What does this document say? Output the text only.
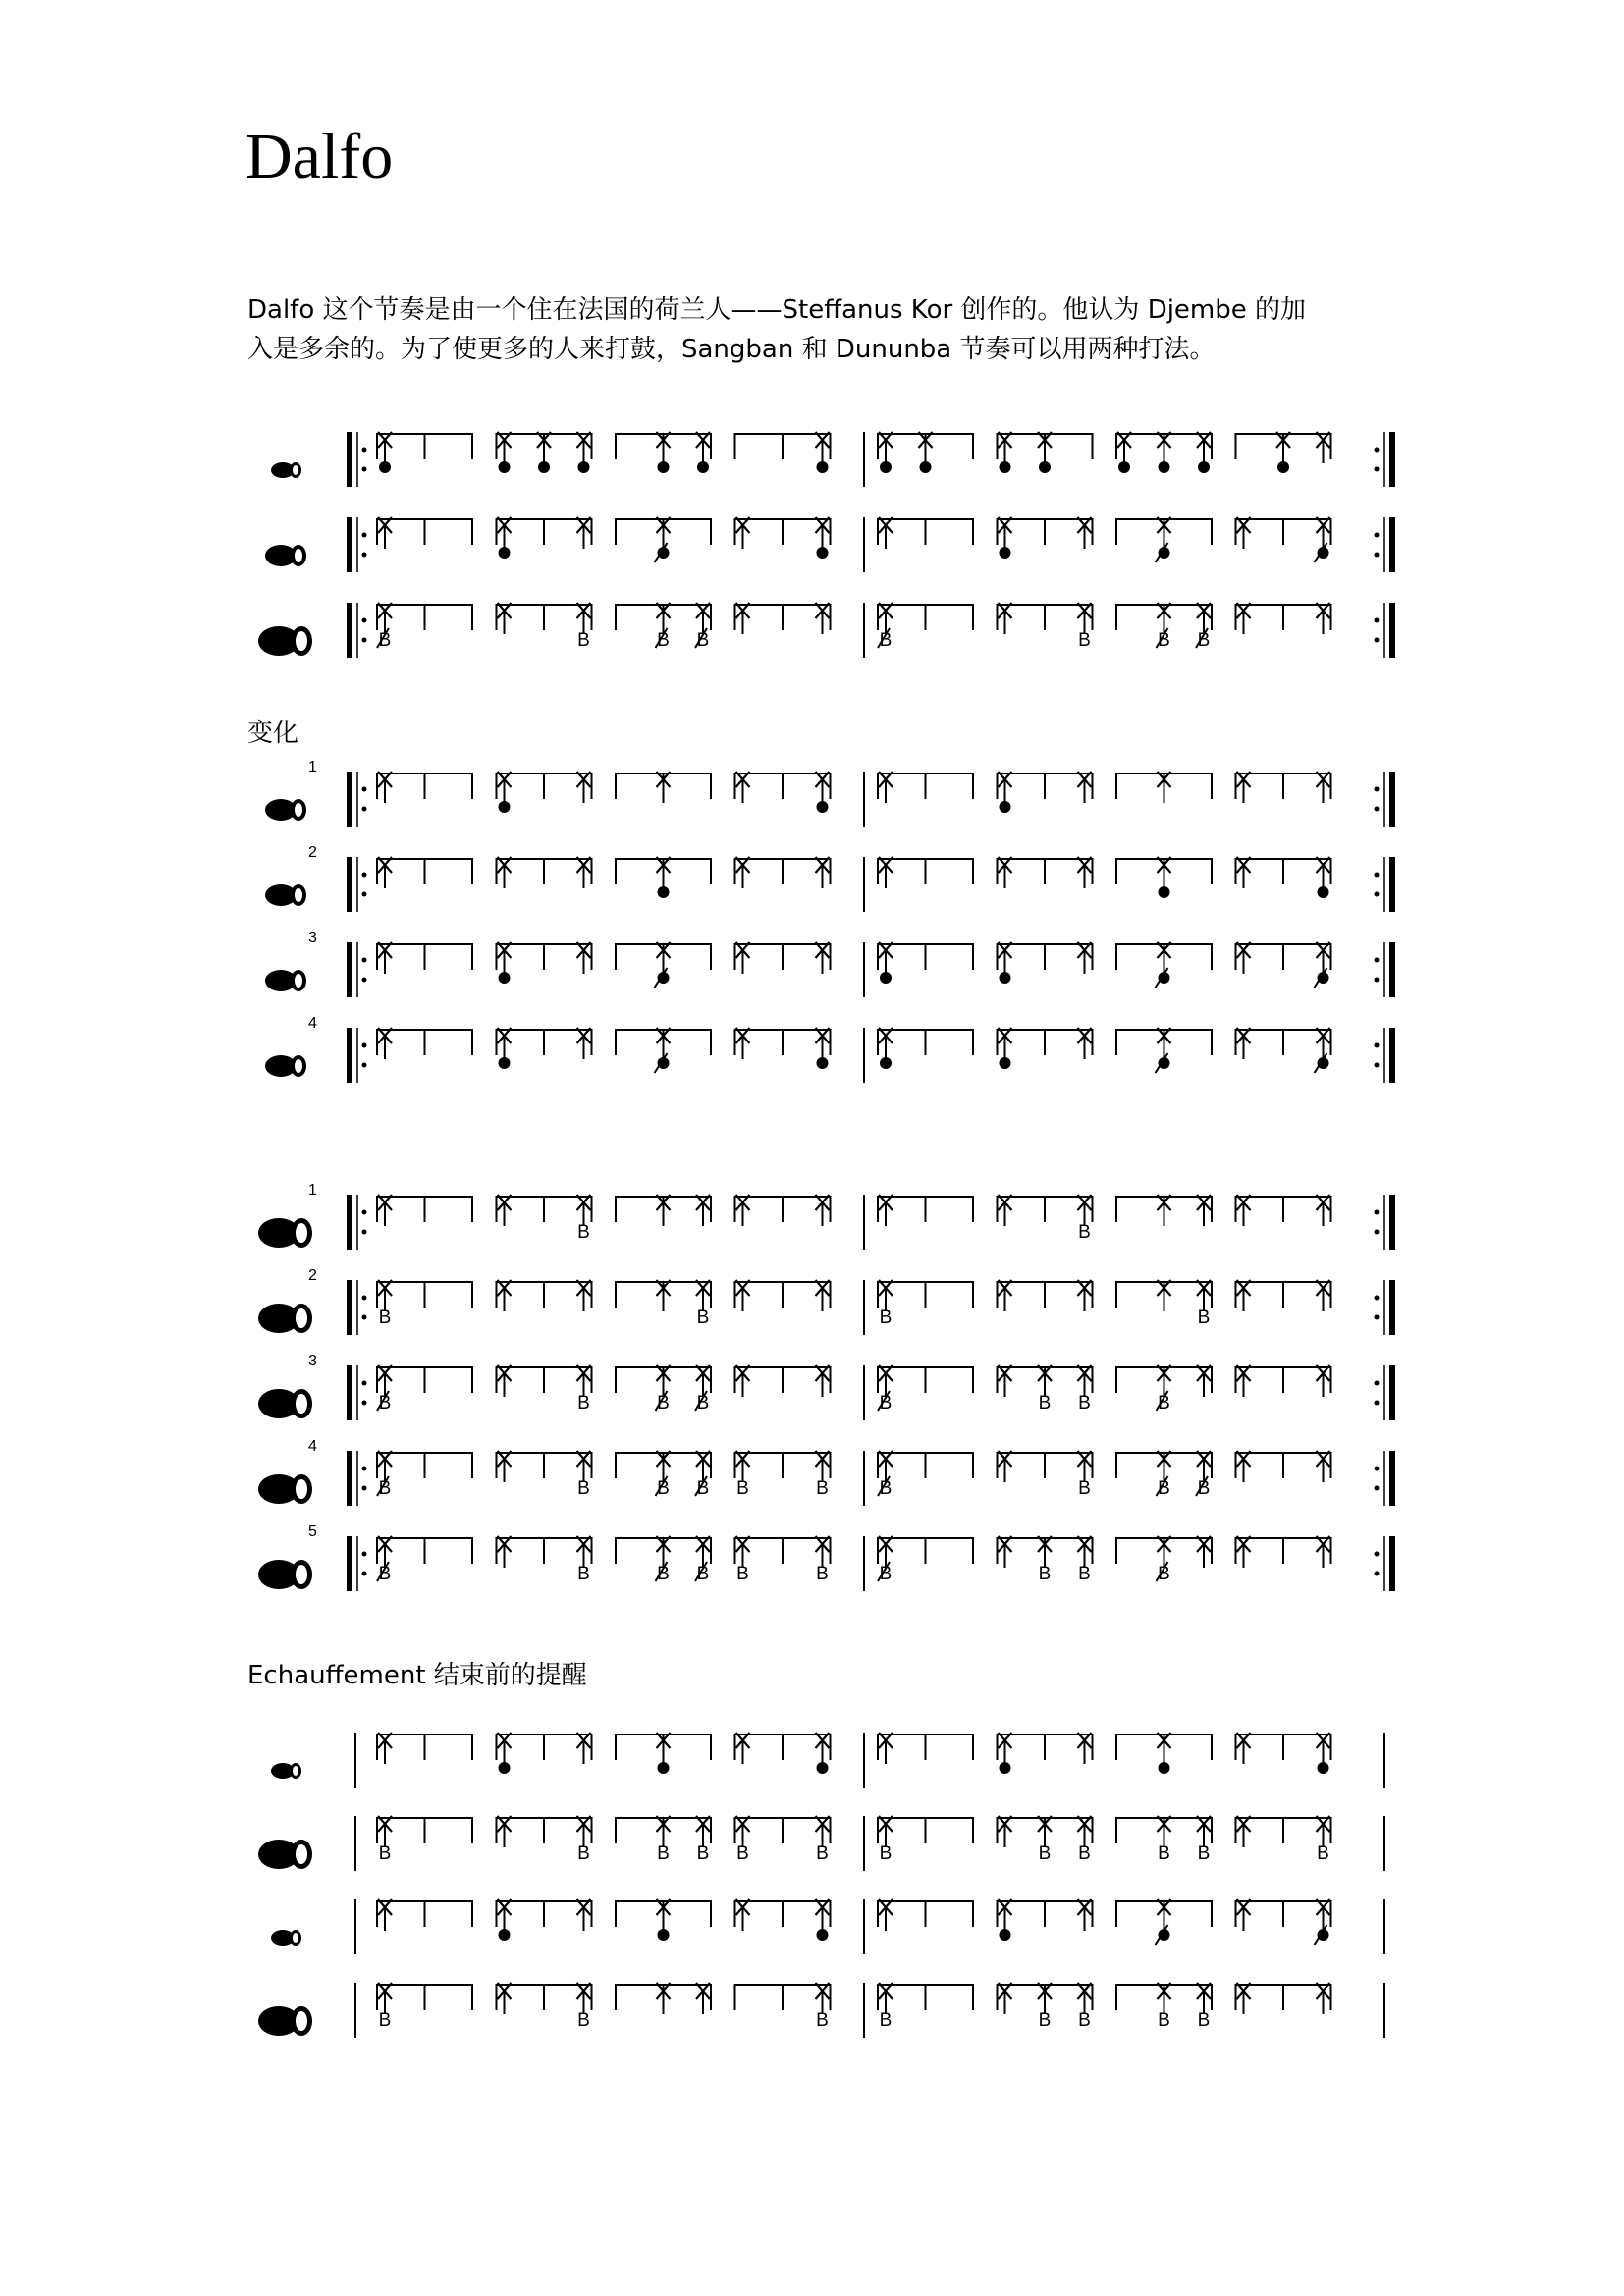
Dalfo
Dalfo 这个节奏是由一个住在法国的荷兰人——Steffanus Kor 创作的。他认为 Djembe 的加
入是多余的。为了使更多的人来打鼓，Sangban 和 Dununba 节奏可以用两种打法。
变化
Echauffement 结束前的提醒
B	B	B B	B	B	B B
1
2
3
4
1
B	B
2
B	B	B	B
3
B	B	B B	B	B B	B
4
B	B	B B B	B	B	B	B B
5
B	B	B B B	B	B	B B	B
B	B	B B B	B	B	B B	B B	B
B	B	B	B	B B	B B
